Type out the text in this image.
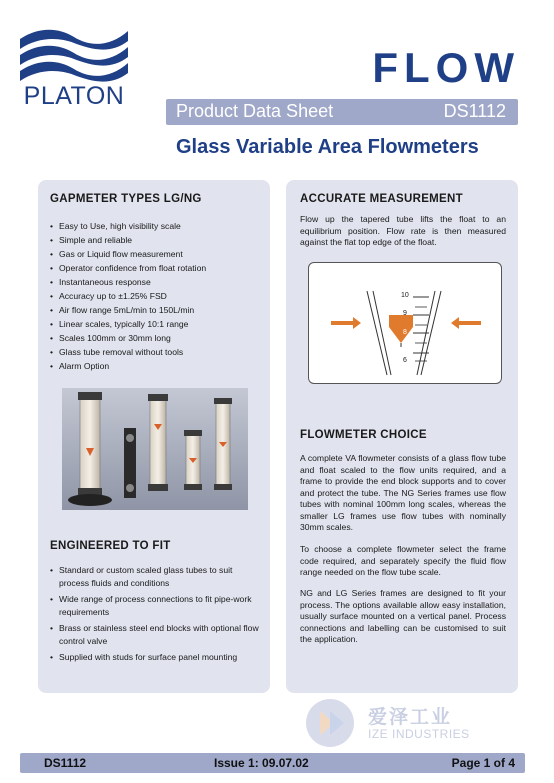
PLATON
FLOW
Product Data Sheet	DS1112
Glass Variable Area Flowmeters
GAPMETER TYPES LG/NG
• Easy to Use, high visibility scale
• Simple and reliable
• Gas or Liquid flow measurement
• Operator confidence from float rotation
• Instantaneous response
• Accuracy up to ±1.25% FSD
• Air flow range 5mL/min to 150L/min
• Linear scales, typically 10:1 range
• Scales 100mm or 30mm long
• Glass tube removal without tools
• Alarm Option
ENGINEERED TO FIT
• Standard or custom scaled glass tubes to suit process fluids and conditions
• Wide range of process connections to fit pipe-work requirements
• Brass or stainless steel end blocks with optional flow control valve
• Supplied with studs for surface panel mounting
ACCURATE MEASUREMENT
Flow up the tapered tube lifts the float to an equilibrium position. Flow rate is then measured against the flat top edge of the float.
10
9
8
6
FLOWMETER CHOICE
A complete VA flowmeter consists of a glass flow tube and float scaled to the flow units required, and a frame to provide the end block supports and to cover and protect the tube. The NG Series frames use flow tubes with nominal 100mm long scales, whereas the smaller LG frames use flow tubes with nominally 30mm scales.
To choose a complete flowmeter select the frame code required, and separately specify the fluid flow range needed on the flow tube scale.
NG and LG Series frames are designed to fit your process. The options available allow easy installation, usually surface mounted on a vertical panel. Process connections and labelling can be customised to suit the application.
爱泽工业
IZE INDUSTRIES
DS1112	Issue 1: 09.07.02	Page 1 of 4
